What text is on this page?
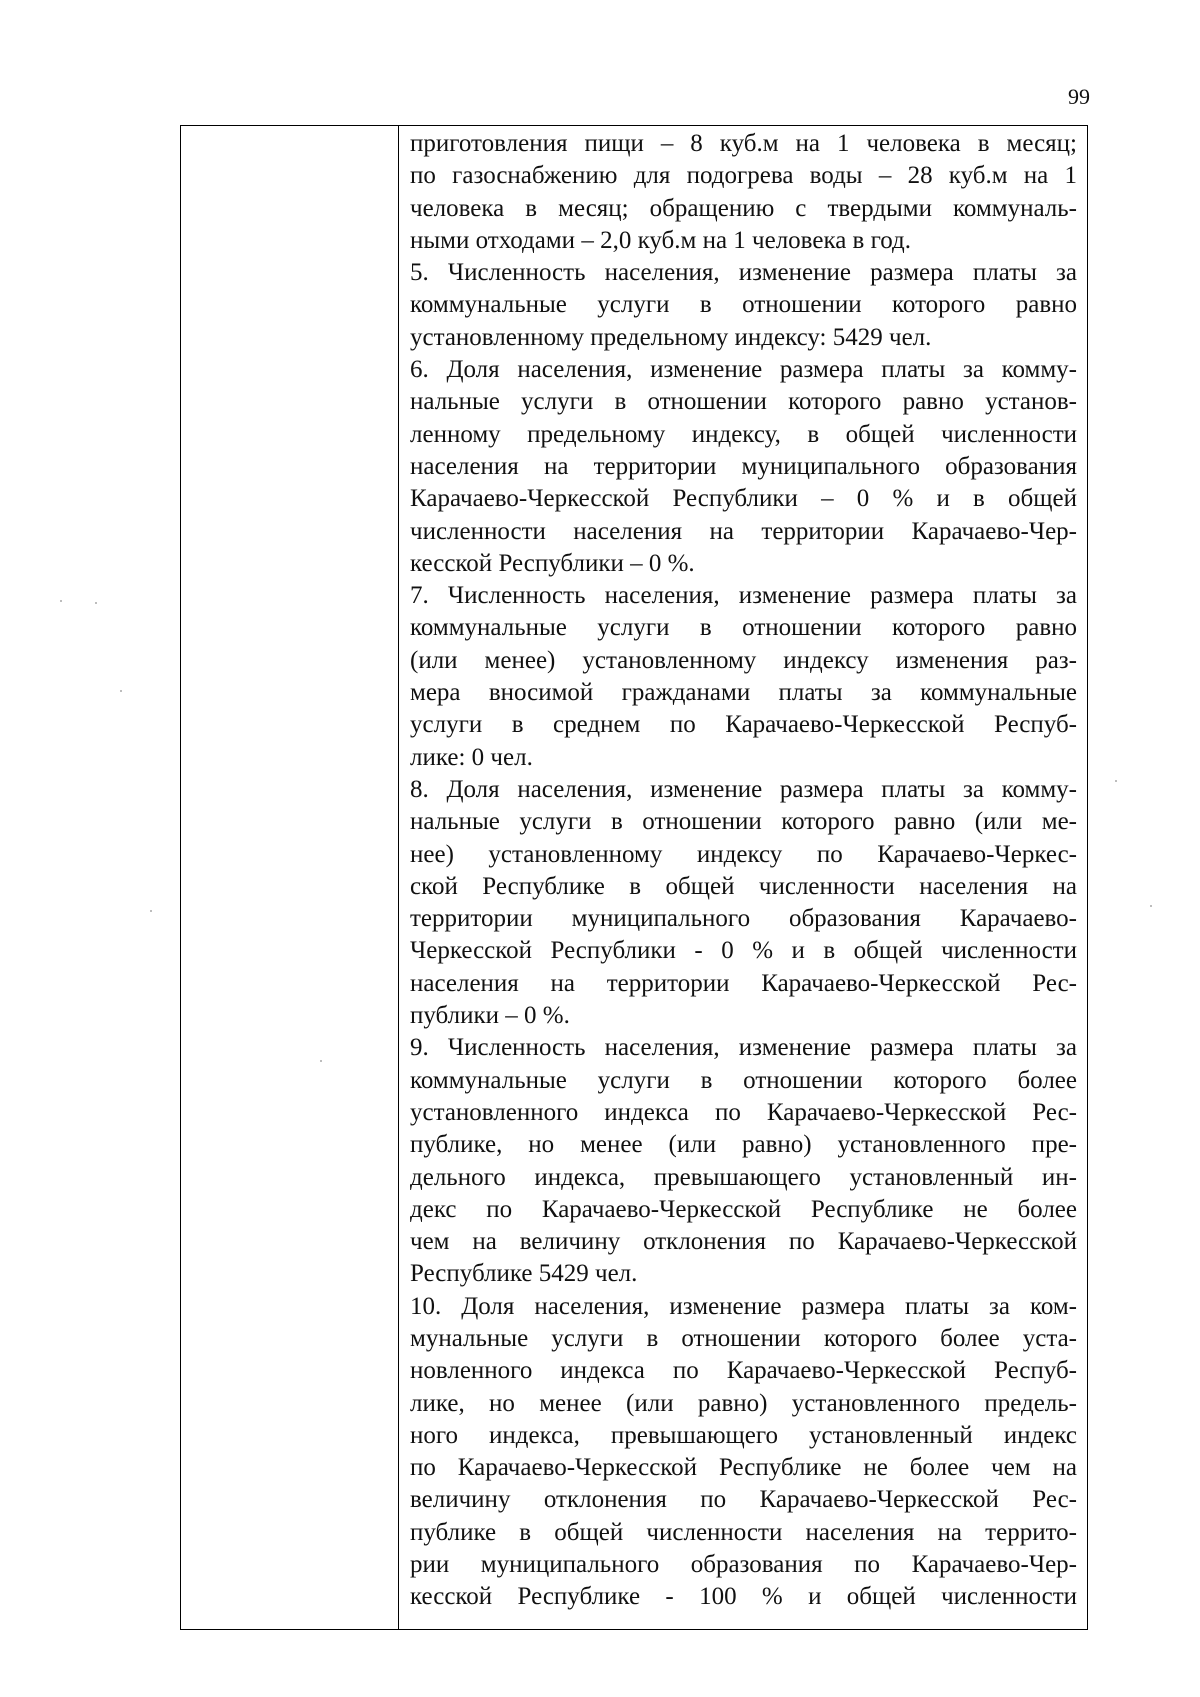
99
приготовления пищи – 8 куб.м на 1 человека в месяц;
по газоснабжению для подогрева воды – 28 куб.м на 1
человека в месяц; обращению с твердыми коммуналь-
ными отходами – 2,0 куб.м на 1 человека в год.
5. Численность населения, изменение размера платы за
коммунальные услуги в отношении которого равно
установленному предельному индексу: 5429 чел.
6. Доля населения, изменение размера платы за комму-
нальные услуги в отношении которого равно установ-
ленному предельному индексу, в общей численности
населения на территории муниципального образования
Карачаево-Черкесской Республики – 0 % и в общей
численности населения на территории Карачаево-Чер-
кесской Республики – 0 %.
7. Численность населения, изменение размера платы за
коммунальные услуги в отношении которого равно
(или менее) установленному индексу изменения раз-
мера вносимой гражданами платы за коммунальные
услуги в среднем по Карачаево-Черкесской Респуб-
лике: 0 чел.
8. Доля населения, изменение размера платы за комму-
нальные услуги в отношении которого равно (или ме-
нее) установленному индексу по Карачаево-Черкес-
ской Республике в общей численности населения на
территории муниципального образования Карачаево-
Черкесской Республики - 0 % и в общей численности
населения на территории Карачаево-Черкесской Рес-
публики – 0 %.
9. Численность населения, изменение размера платы за
коммунальные услуги в отношении которого более
установленного индекса по Карачаево-Черкесской Рес-
публике, но менее (или равно) установленного пре-
дельного индекса, превышающего установленный ин-
декс по Карачаево-Черкесской Республике не более
чем на величину отклонения по Карачаево-Черкесской
Республике 5429 чел.
10. Доля населения, изменение размера платы за ком-
мунальные услуги в отношении которого более уста-
новленного индекса по Карачаево-Черкесской Респуб-
лике, но менее (или равно) установленного предель-
ного индекса, превышающего установленный индекс
по Карачаево-Черкесской Республике не более чем на
величину отклонения по Карачаево-Черкесской Рес-
публике в общей численности населения на террито-
рии муниципального образования по Карачаево-Чер-
кесской Республике - 100 % и общей численности
